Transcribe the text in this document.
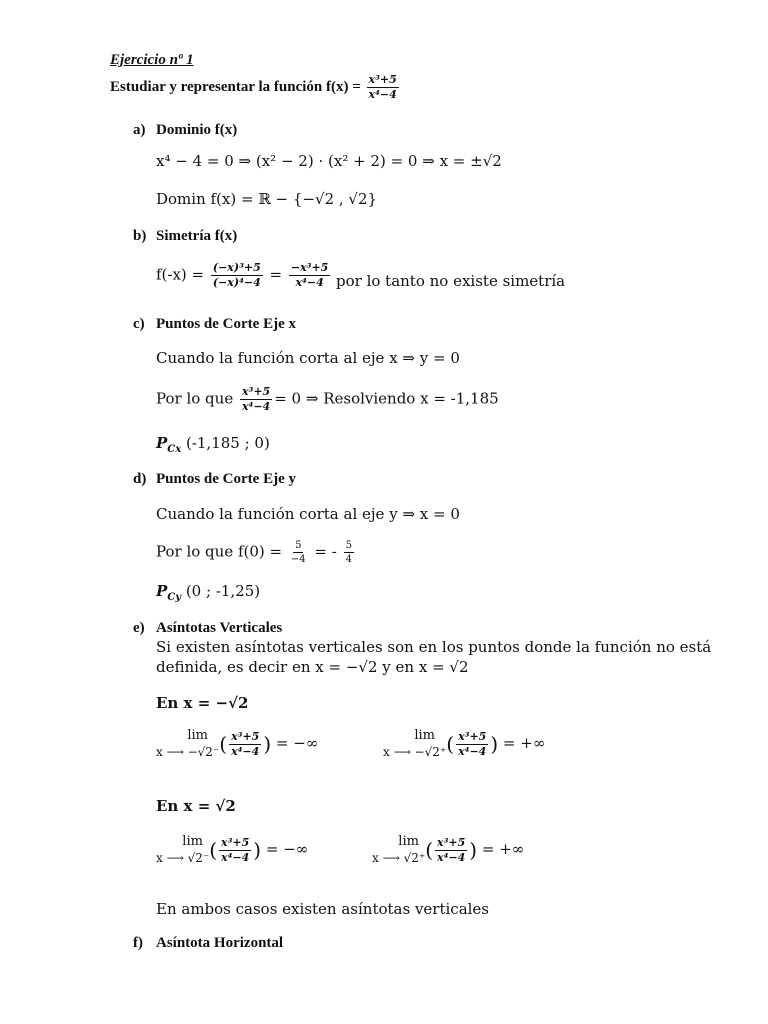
Ejercicio nº 1
Estudiar y representar la función $f(x) = \frac{\text{x³+5}}{\text{x⁴−4}}$
a) Dominio f(x)
x⁴ − 4 = 0 ⇒ (x² − 2) · (x² + 2) = 0 ⇒ x = ±√2
Domin f(x) = ℝ − {−√2 , √2}
b) Simetría f(x)
$f(-x) = \frac{\text{(−x)³+5}}{\text{(−x)⁴−4}} = \frac{\text{−x³+5}}{\text{x⁴−4}}$ por lo tanto no existe simetría
c) Puntos de Corte Eje x
Cuando la función corta al eje x ⇒ y = 0
Por lo que $\frac{\text{x³+5}}{\text{x⁴−4}} = 0$ ⇒ Resolviendo x = -1,185
$P_{Cx}$ (-1,185 ; 0)
d) Puntos de Corte Eje y
Cuando la función corta al eje y ⇒ x = 0
Por lo que $f(0) = \frac{5}{-4}$ = - $\frac{5}{4}$
$P_{Cy}$ (0 ; -1,25)
e) Asíntotas Verticales
Si existen asíntotas verticales son en los puntos donde la función no está
definida, es decir en x = −√2 y en x = √2
En x = −√2
lim
x ⟶ −√2⁻ ( $\frac{\text{x³+5}}{\text{x⁴−4}}$ ) = −∞	lim
x ⟶ −√2⁺ ( $\frac{\text{x³+5}}{\text{x⁴−4}}$ ) = +∞
En x = √2
lim
x ⟶ √2⁻ ( $\frac{\text{x³+5}}{\text{x⁴−4}}$ ) = −∞	lim
x ⟶ √2⁺ ( $\frac{\text{x³+5}}{\text{x⁴−4}}$ ) = +∞
En ambos casos existen asíntotas verticales
f) Asíntota Horizontal
